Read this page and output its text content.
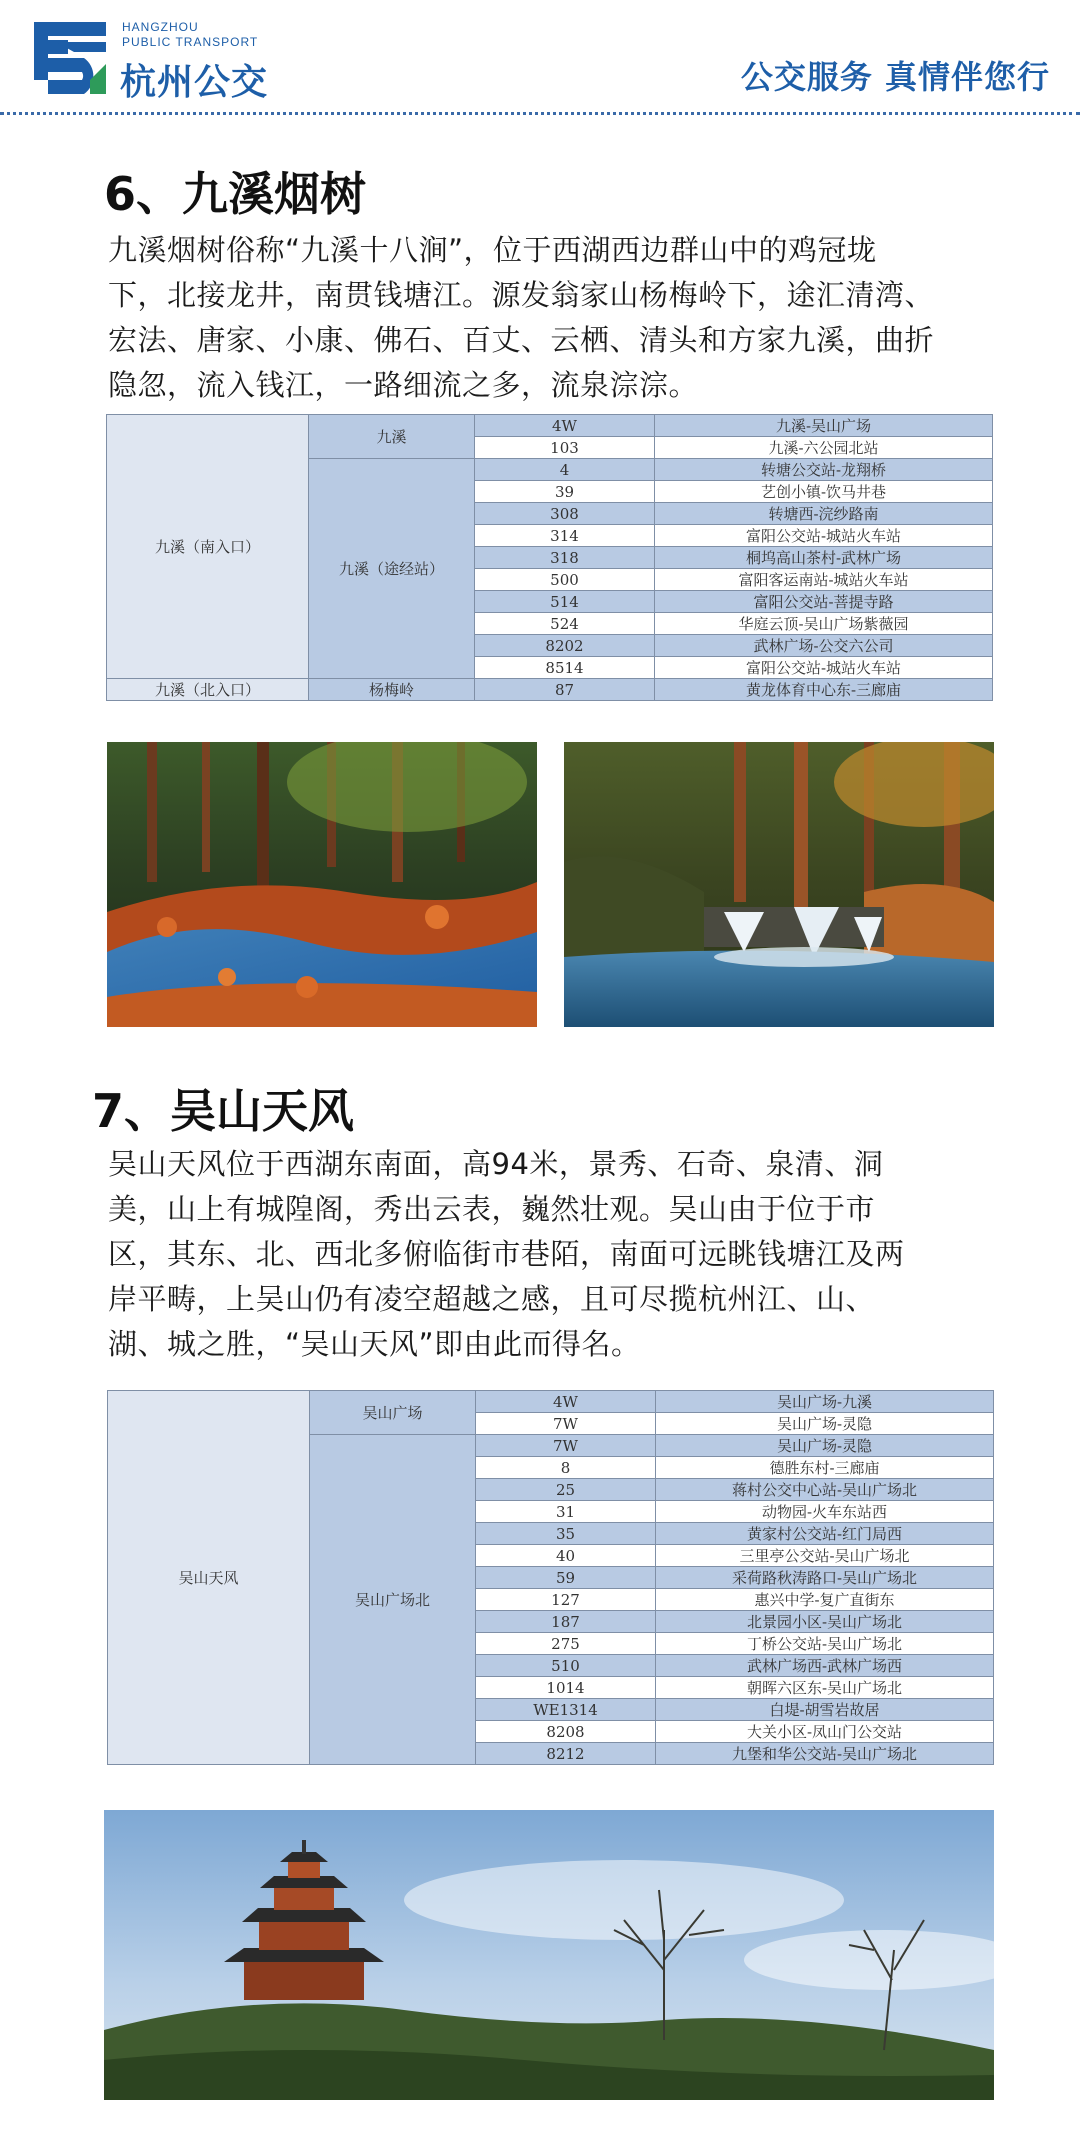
HANGZHOU
PUBLIC TRANSPORT
杭州公交	公交服务 真情伴您行
6、九溪烟树
九溪烟树俗称“九溪十八涧”，位于西湖西边群山中的鸡冠垅
下，北接龙井，南贯钱塘江。源发翁家山杨梅岭下，途汇清湾、
宏法、唐家、小康、佛石、百丈、云栖、清头和方家九溪，曲折
隐忽，流入钱江，一路细流之多，流泉淙淙。
九溪（南入口）	九溪	4W	九溪-吴山广场
		103	九溪-六公园北站
	九溪（途经站）	4	转塘公交站-龙翔桥
		39	艺创小镇-饮马井巷
		308	转塘西-浣纱路南
		314	富阳公交站-城站火车站
		318	桐坞高山茶村-武林广场
		500	富阳客运南站-城站火车站
		514	富阳公交站-菩提寺路
		524	华庭云顶-吴山广场紫薇园
		8202	武林广场-公交六公司
		8514	富阳公交站-城站火车站
九溪（北入口）	杨梅岭	87	黄龙体育中心东-三廊庙
7、吴山天风
吴山天风位于西湖东南面，高94米，景秀、石奇、泉清、洞
美，山上有城隍阁，秀出云表，巍然壮观。吴山由于位于市
区，其东、北、西北多俯临街市巷陌，南面可远眺钱塘江及两
岸平畴，上吴山仍有凌空超越之感，且可尽揽杭州江、山、
湖、城之胜，“吴山天风”即由此而得名。
吴山天风	吴山广场	4W	吴山广场-九溪
		7W	吴山广场-灵隐
	吴山广场北	7W	吴山广场-灵隐
		8	德胜东村-三廊庙
		25	蒋村公交中心站-吴山广场北
		31	动物园-火车东站西
		35	黄家村公交站-红门局西
		40	三里亭公交站-吴山广场北
		59	采荷路秋涛路口-吴山广场北
		127	惠兴中学-复广直街东
		187	北景园小区-吴山广场北
		275	丁桥公交站-吴山广场北
		510	武林广场西-武林广场西
		1014	朝晖六区东-吴山广场北
		WE1314	白堤-胡雪岩故居
		8208	大关小区-凤山门公交站
		8212	九堡和华公交站-吴山广场北
